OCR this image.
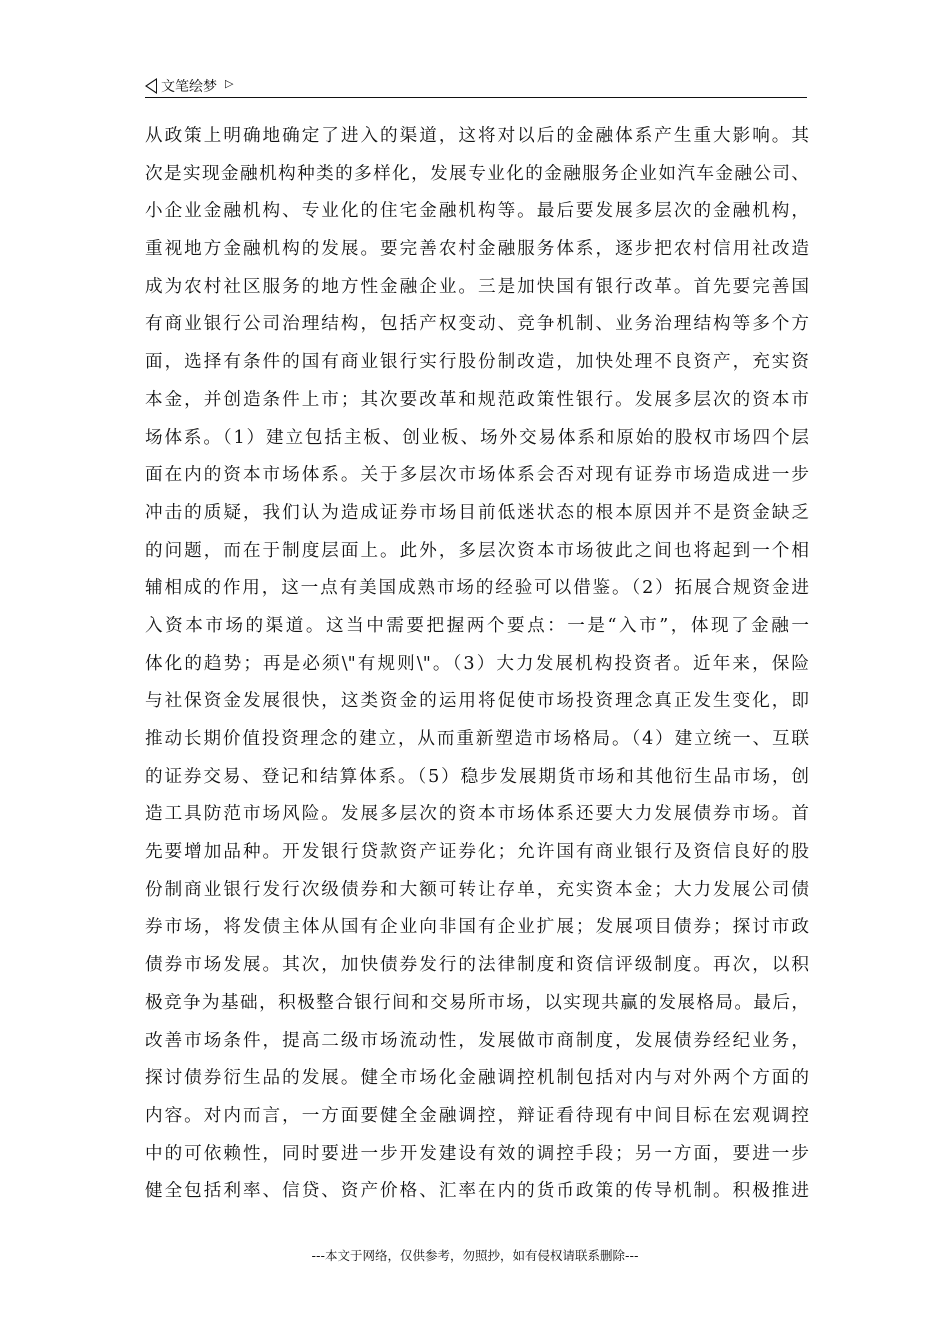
文笔绘梦 ▷
从政策上明确地确定了进入的渠道，这将对以后的金融体系产生重大影响。其
次是实现金融机构种类的多样化，发展专业化的金融服务企业如汽车金融公司、
小企业金融机构、专业化的住宅金融机构等。最后要发展多层次的金融机构，
重视地方金融机构的发展。要完善农村金融服务体系，逐步把农村信用社改造
成为农村社区服务的地方性金融企业。三是加快国有银行改革。首先要完善国
有商业银行公司治理结构，包括产权变动、竞争机制、业务治理结构等多个方
面，选择有条件的国有商业银行实行股份制改造，加快处理不良资产，充实资
本金，并创造条件上市；其次要改革和规范政策性银行。发展多层次的资本市
场体系。（1）建立包括主板、创业板、场外交易体系和原始的股权市场四个层
面在内的资本市场体系。关于多层次市场体系会否对现有证券市场造成进一步
冲击的质疑，我们认为造成证券市场目前低迷状态的根本原因并不是资金缺乏
的问题，而在于制度层面上。此外，多层次资本市场彼此之间也将起到一个相
辅相成的作用，这一点有美国成熟市场的经验可以借鉴。（2）拓展合规资金进
入资本市场的渠道。这当中需要把握两个要点：一是“入市”，体现了金融一
体化的趋势；再是必须\"有规则\"。（3）大力发展机构投资者。近年来，保险
与社保资金发展很快，这类资金的运用将促使市场投资理念真正发生变化，即
推动长期价值投资理念的建立，从而重新塑造市场格局。（4）建立统一、互联
的证券交易、登记和结算体系。（5）稳步发展期货市场和其他衍生品市场，创
造工具防范市场风险。发展多层次的资本市场体系还要大力发展债券市场。首
先要增加品种。开发银行贷款资产证券化；允许国有商业银行及资信良好的股
份制商业银行发行次级债券和大额可转让存单，充实资本金；大力发展公司债
券市场，将发债主体从国有企业向非国有企业扩展；发展项目债券；探讨市政
债券市场发展。其次，加快债券发行的法律制度和资信评级制度。再次，以积
极竞争为基础，积极整合银行间和交易所市场，以实现共赢的发展格局。最后，
改善市场条件，提高二级市场流动性，发展做市商制度，发展债券经纪业务，
探讨债券衍生品的发展。健全市场化金融调控机制包括对内与对外两个方面的
内容。对内而言，一方面要健全金融调控，辩证看待现有中间目标在宏观调控
中的可依赖性，同时要进一步开发建设有效的调控手段；另一方面，要进一步
健全包括利率、信贷、资产价格、汇率在内的货币政策的传导机制。积极推进
---本文于网络，仅供参考，勿照抄，如有侵权请联系删除---
